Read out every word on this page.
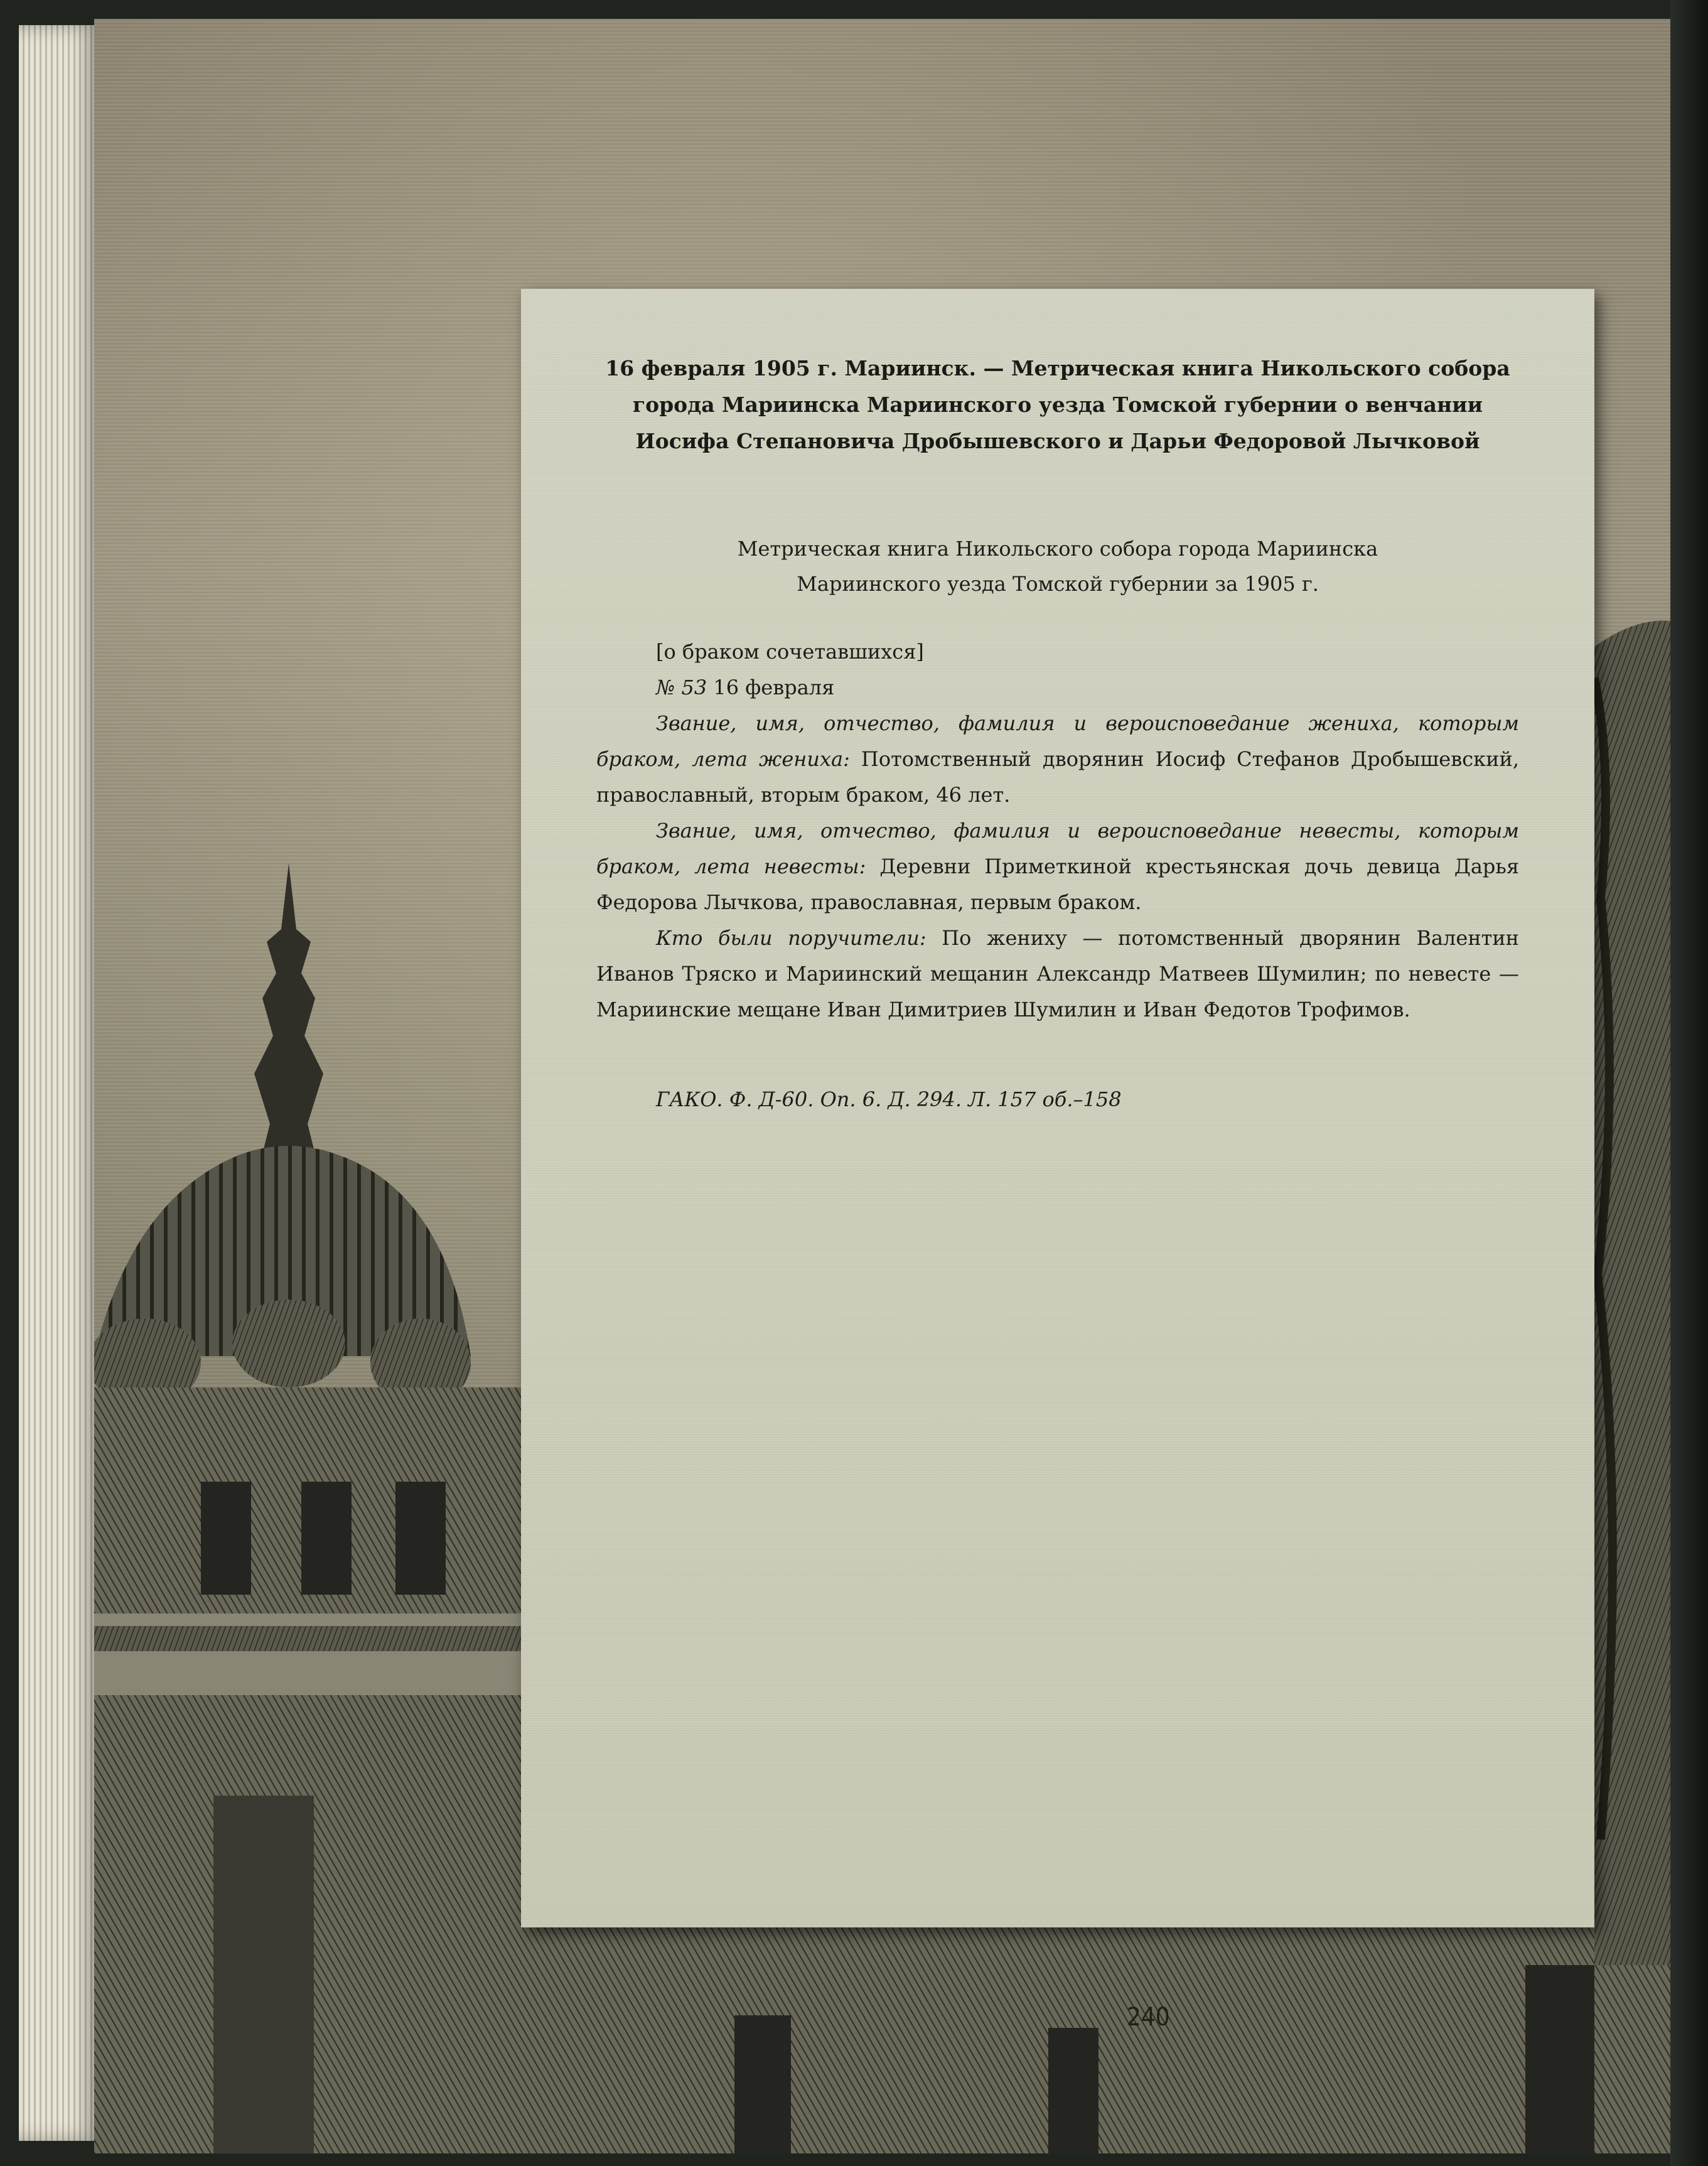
16 февраля 1905 г. Мариинск. — Метрическая книга Никольского собора города Мариинска Мариинского уезда Томской губернии о венчании Иосифа Степановича Дробышевского и Дарьи Федоровой Лычковой
Метрическая книга Никольского собора города Мариинска
Мариинского уезда Томской губернии за 1905 г.

[о браком сочетавшихся]

№ 53 16 февраля

Звание, имя, отчество, фамилия и вероисповедание жениха, которым браком, лета жениха: Потомственный дворянин Иосиф Стефанов Дробышевский, православный, вторым браком, 46 лет.

Звание, имя, отчество, фамилия и вероисповедание невесты, которым браком, лета невесты: Деревни Приметкиной крестьянская дочь девица Дарья Федорова Лычкова, православная, первым браком.

Кто были поручители: По жениху — потомственный дворянин Валентин Иванов Тряско и Мариинский мещанин Александр Матвеев Шумилин; по невесте — Мариинские мещане Иван Димитриев Шумилин и Иван Федотов Трофимов.

ГАКО. Ф. Д-60. Оп. 6. Д. 294. Л. 157 об.–158
240
